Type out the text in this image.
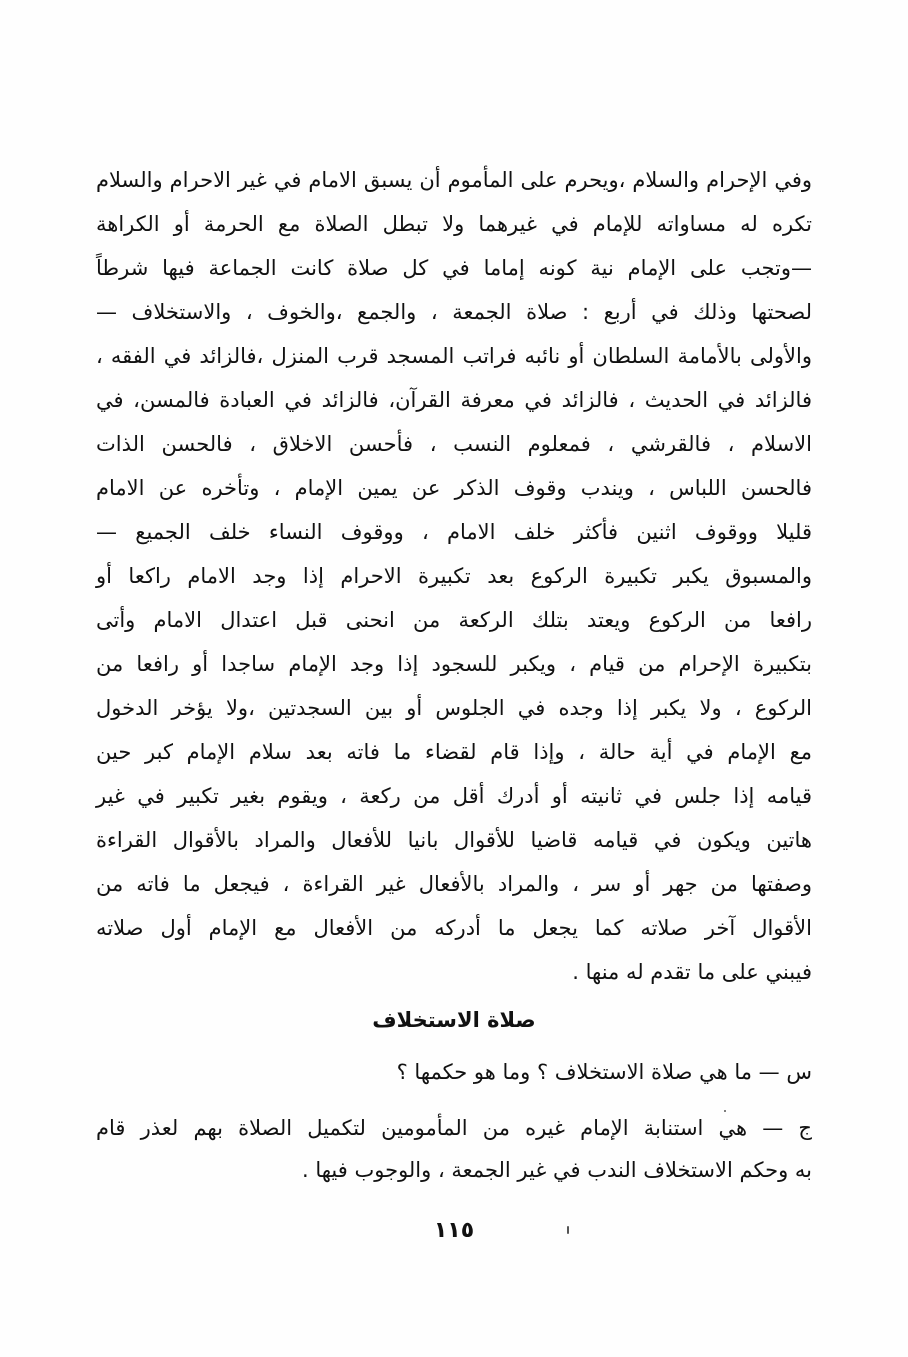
وفي الإحرام والسلام ،ويحرم على المأموم أن يسبق الامام في غير الاحرام والسلام
تكره له مساواته للإمام في غيرهما ولا تبطل الصلاة مع الحرمة أو الكراهة
—وتجب على الإمام نية كونه إماما في كل صلاة كانت الجماعة فيها شرطاً
لصحتها وذلك في أربع : صلاة الجمعة ، والجمع ،والخوف ، والاستخلاف —
والأولى بالأمامة السلطان أو نائبه فراتب المسجد قرب المنزل ،فالزائد في الفقه ،
فالزائد في الحديث ، فالزائد في معرفة القرآن، فالزائد في العبادة فالمسن، في
الاسلام ، فالقرشي ، فمعلوم النسب ، فأحسن الاخلاق ، فالحسن الذات
فالحسن اللباس ، ويندب وقوف الذكر عن يمين الإمام ، وتأخره عن الامام
قليلا ووقوف اثنين فأكثر خلف الامام ، ووقوف النساء خلف الجميع —
والمسبوق يكبر تكبيرة الركوع بعد تكبيرة الاحرام إذا وجد الامام راكعا أو
رافعا من الركوع ويعتد بتلك الركعة من انحنى قبل اعتدال الامام وأتى
بتكبيرة الإحرام من قيام ، ويكبر للسجود إذا وجد الإمام ساجدا أو رافعا من
الركوع ، ولا يكبر إذا وجده في الجلوس أو بين السجدتين ،ولا يؤخر الدخول
مع الإمام في أية حالة ، وإذا قام لقضاء ما فاته بعد سلام الإمام كبر حين
قيامه إذا جلس في ثانيته أو أدرك أقل من ركعة ، ويقوم بغير تكبير في غير
هاتين ويكون في قيامه قاضيا للأقوال بانيا للأفعال والمراد بالأقوال القراءة
وصفتها من جهر أو سر ، والمراد بالأفعال غير القراءة ، فيجعل ما فاته من
الأقوال آخر صلاته كما يجعل ما أدركه من الأفعال مع الإمام أول صلاته
فيبني على ما تقدم له منها .
صلاة الاستخلاف
س — ما هي صلاة الاستخلاف ؟ وما هو حكمها ؟
ج — هي استنابة الإمام غيره من المأمومين لتكميل الصلاة بهم لعذر قام
به وحكم الاستخلاف الندب في غير الجمعة ، والوجوب فيها .
١١٥
